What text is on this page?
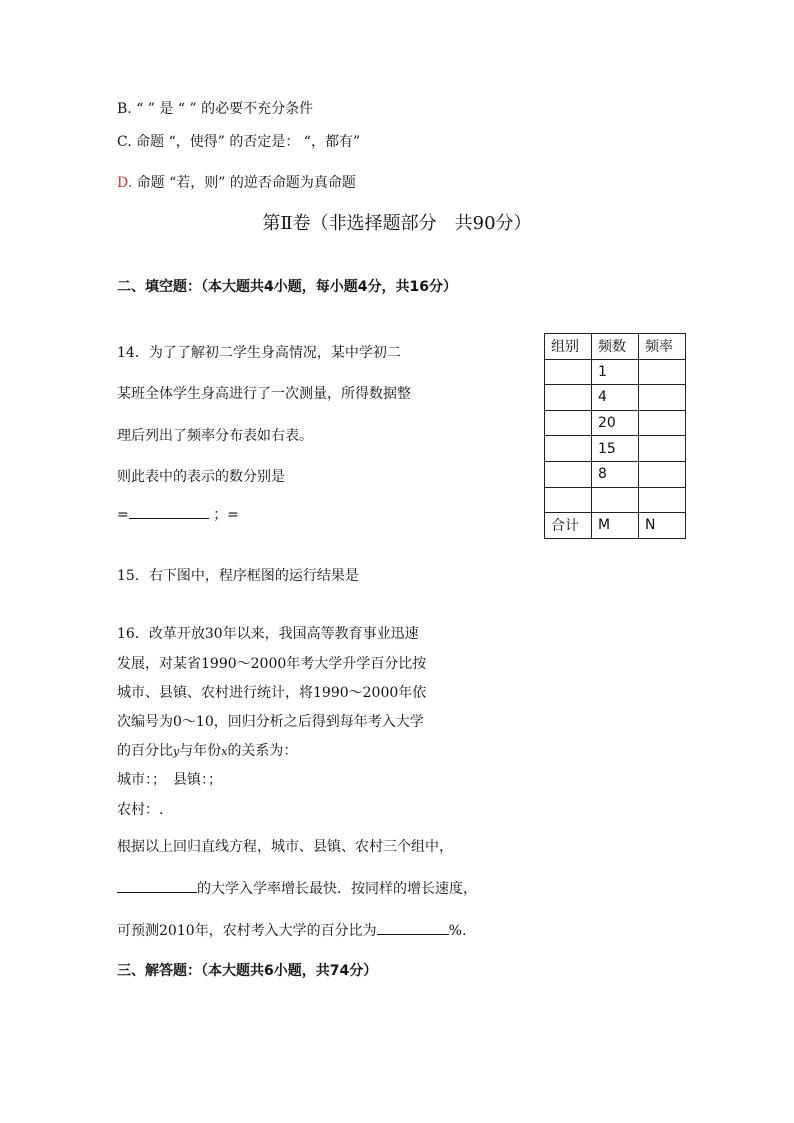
B. “ ” 是 “ ” 的必要不充分条件
C. 命题 “，使得” 的否定是： “，都有”
D. 命题 “若，则” 的逆否命题为真命题
第Ⅱ卷（非选择题部分　共90分）
二、填空题：（本大题共4小题，每小题4分，共16分）
14．为了了解初二学生身高情况，某中学初二
某班全体学生身高进行了一次测量，所得数据整
理后列出了频率分布表如右表。
则此表中的表示的数分别是
=	；=
组别	频数	频率
	1	
	4	
	20	
	15	
	8	

合计	M	N
15．右下图中，程序框图的运行结果是
16．改革开放30年以来，我国高等教育事业迅速
发展，对某省1990～2000年考大学升学百分比按
城市、县镇、农村进行统计，将1990～2000年依
次编号为0～10，回归分析之后得到每年考入大学
的百分比y与年份x的关系为：
城市：；　县镇：；
农村：.
根据以上回归直线方程，城市、县镇、农村三个组中，
的大学入学率增长最快．按同样的增长速度，
可预测2010年，农村考入大学的百分比为	%.
三、解答题：（本大题共6小题，共74分）
